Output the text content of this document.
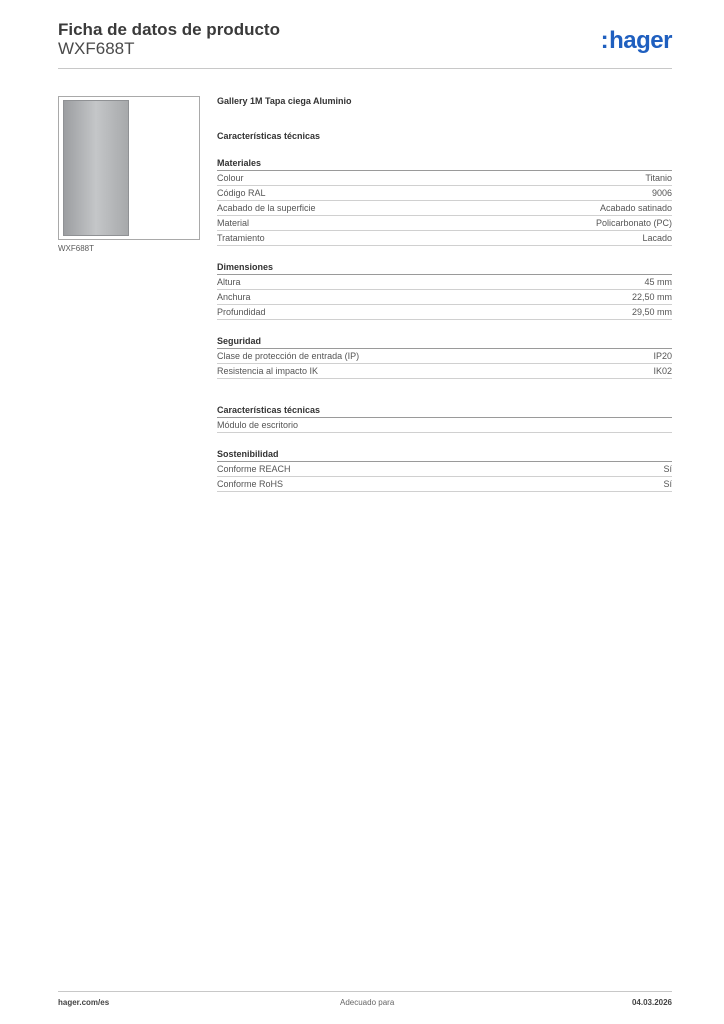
Ficha de datos de producto
WXF688T	:hager
WXF688T
Gallery 1M Tapa ciega Aluminio
Características técnicas
Materiales
Colour	Titanio
Código RAL	9006
Acabado de la superficie	Acabado satinado
Material	Policarbonato (PC)
Tratamiento	Lacado
Dimensiones
Altura	45 mm
Anchura	22,50 mm
Profundidad	29,50 mm
Seguridad
Clase de protección de entrada (IP)	IP20
Resistencia al impacto IK	IK02
Características técnicas
Módulo de escritorio
Sostenibilidad
Conforme REACH	Sí
Conforme RoHS	Sí
hager.com/es	Adecuado para	04.03.2026
